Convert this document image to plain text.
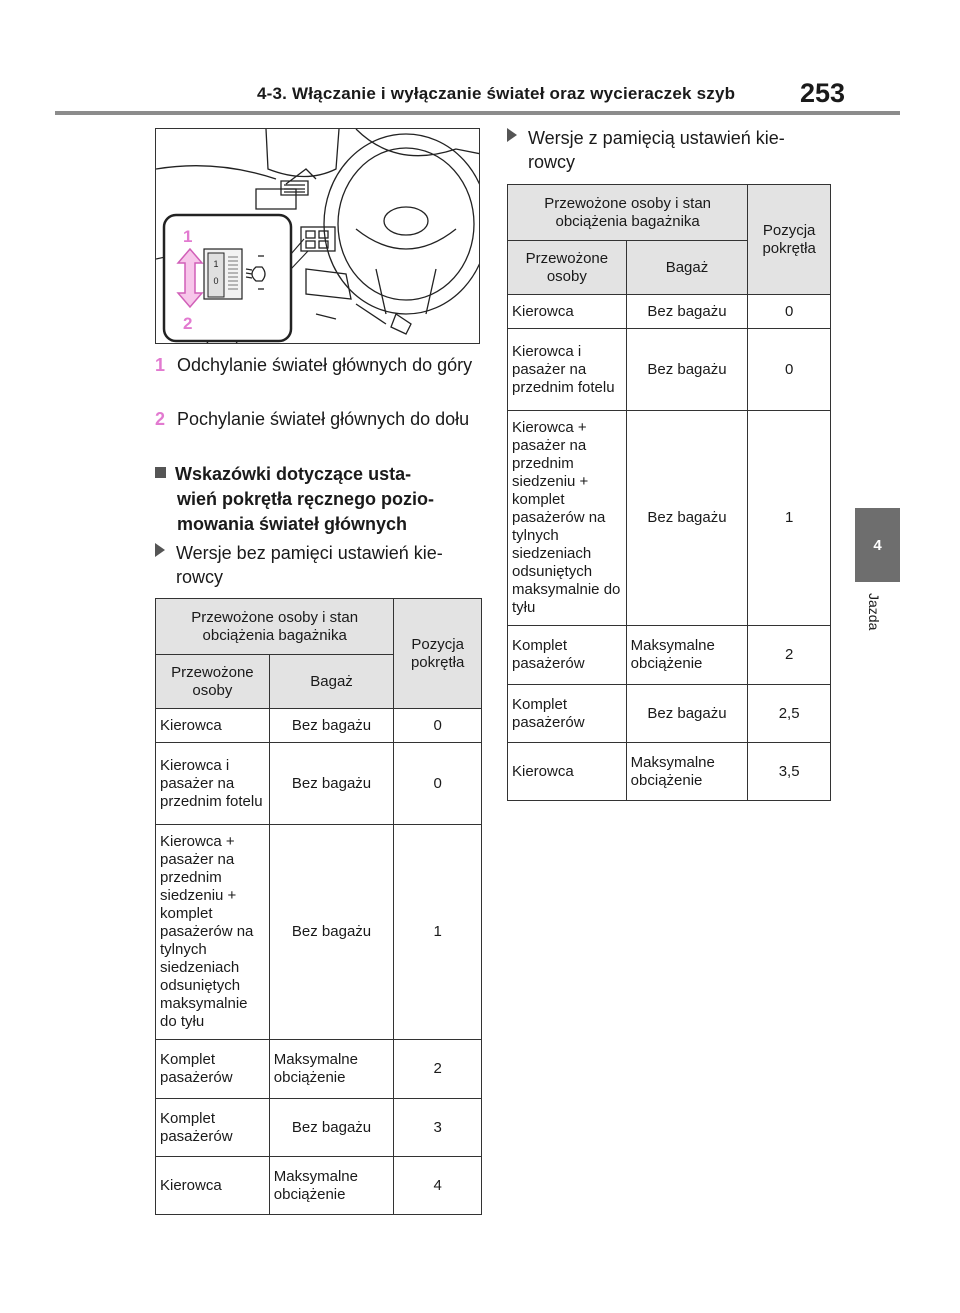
4-3. Włączanie i wyłączanie świateł oraz wycieraczek szyb 253
4
Jazda
1
0
1
2
1 Odchylanie świateł głównych do góry
2 Pochylanie świateł głównych do dołu
Wskazówki dotyczące usta-
wień pokrętła ręcznego pozio-
mowania świateł głównych
Wersje bez pamięci ustawień kie-
rowcy
Wersje z pamięcią ustawień kie-
rowcy
Przewożone osoby i stan obciążenia bagażnika		Pozycja pokrętła
Przewożone osoby	Bagaż	
Kierowca	Bez bagażu	0
Kierowca i pasażer na przednim fotelu	Bez bagażu	0
Kierowca + pasażer na przednim siedzeniu + komplet pasażerów na tylnych siedzeniach odsuniętych maksymalnie do tyłu	Bez bagażu	1
Komplet pasażerów	Maksymalne obciążenie	2
Komplet pasażerów	Bez bagażu	3
Kierowca	Maksymalne obciążenie	4
Przewożone osoby i stan obciążenia bagażnika		Pozycja pokrętła
Przewożone osoby	Bagaż	
Kierowca	Bez bagażu	0
Kierowca i pasażer na przednim fotelu	Bez bagażu	0
Kierowca + pasażer na przednim siedzeniu + komplet pasażerów na tylnych siedzeniach odsuniętych maksymalnie do tyłu	Bez bagażu	1
Komplet pasażerów	Maksymalne obciążenie	2
Komplet pasażerów	Bez bagażu	2,5
Kierowca	Maksymalne obciążenie	3,5
